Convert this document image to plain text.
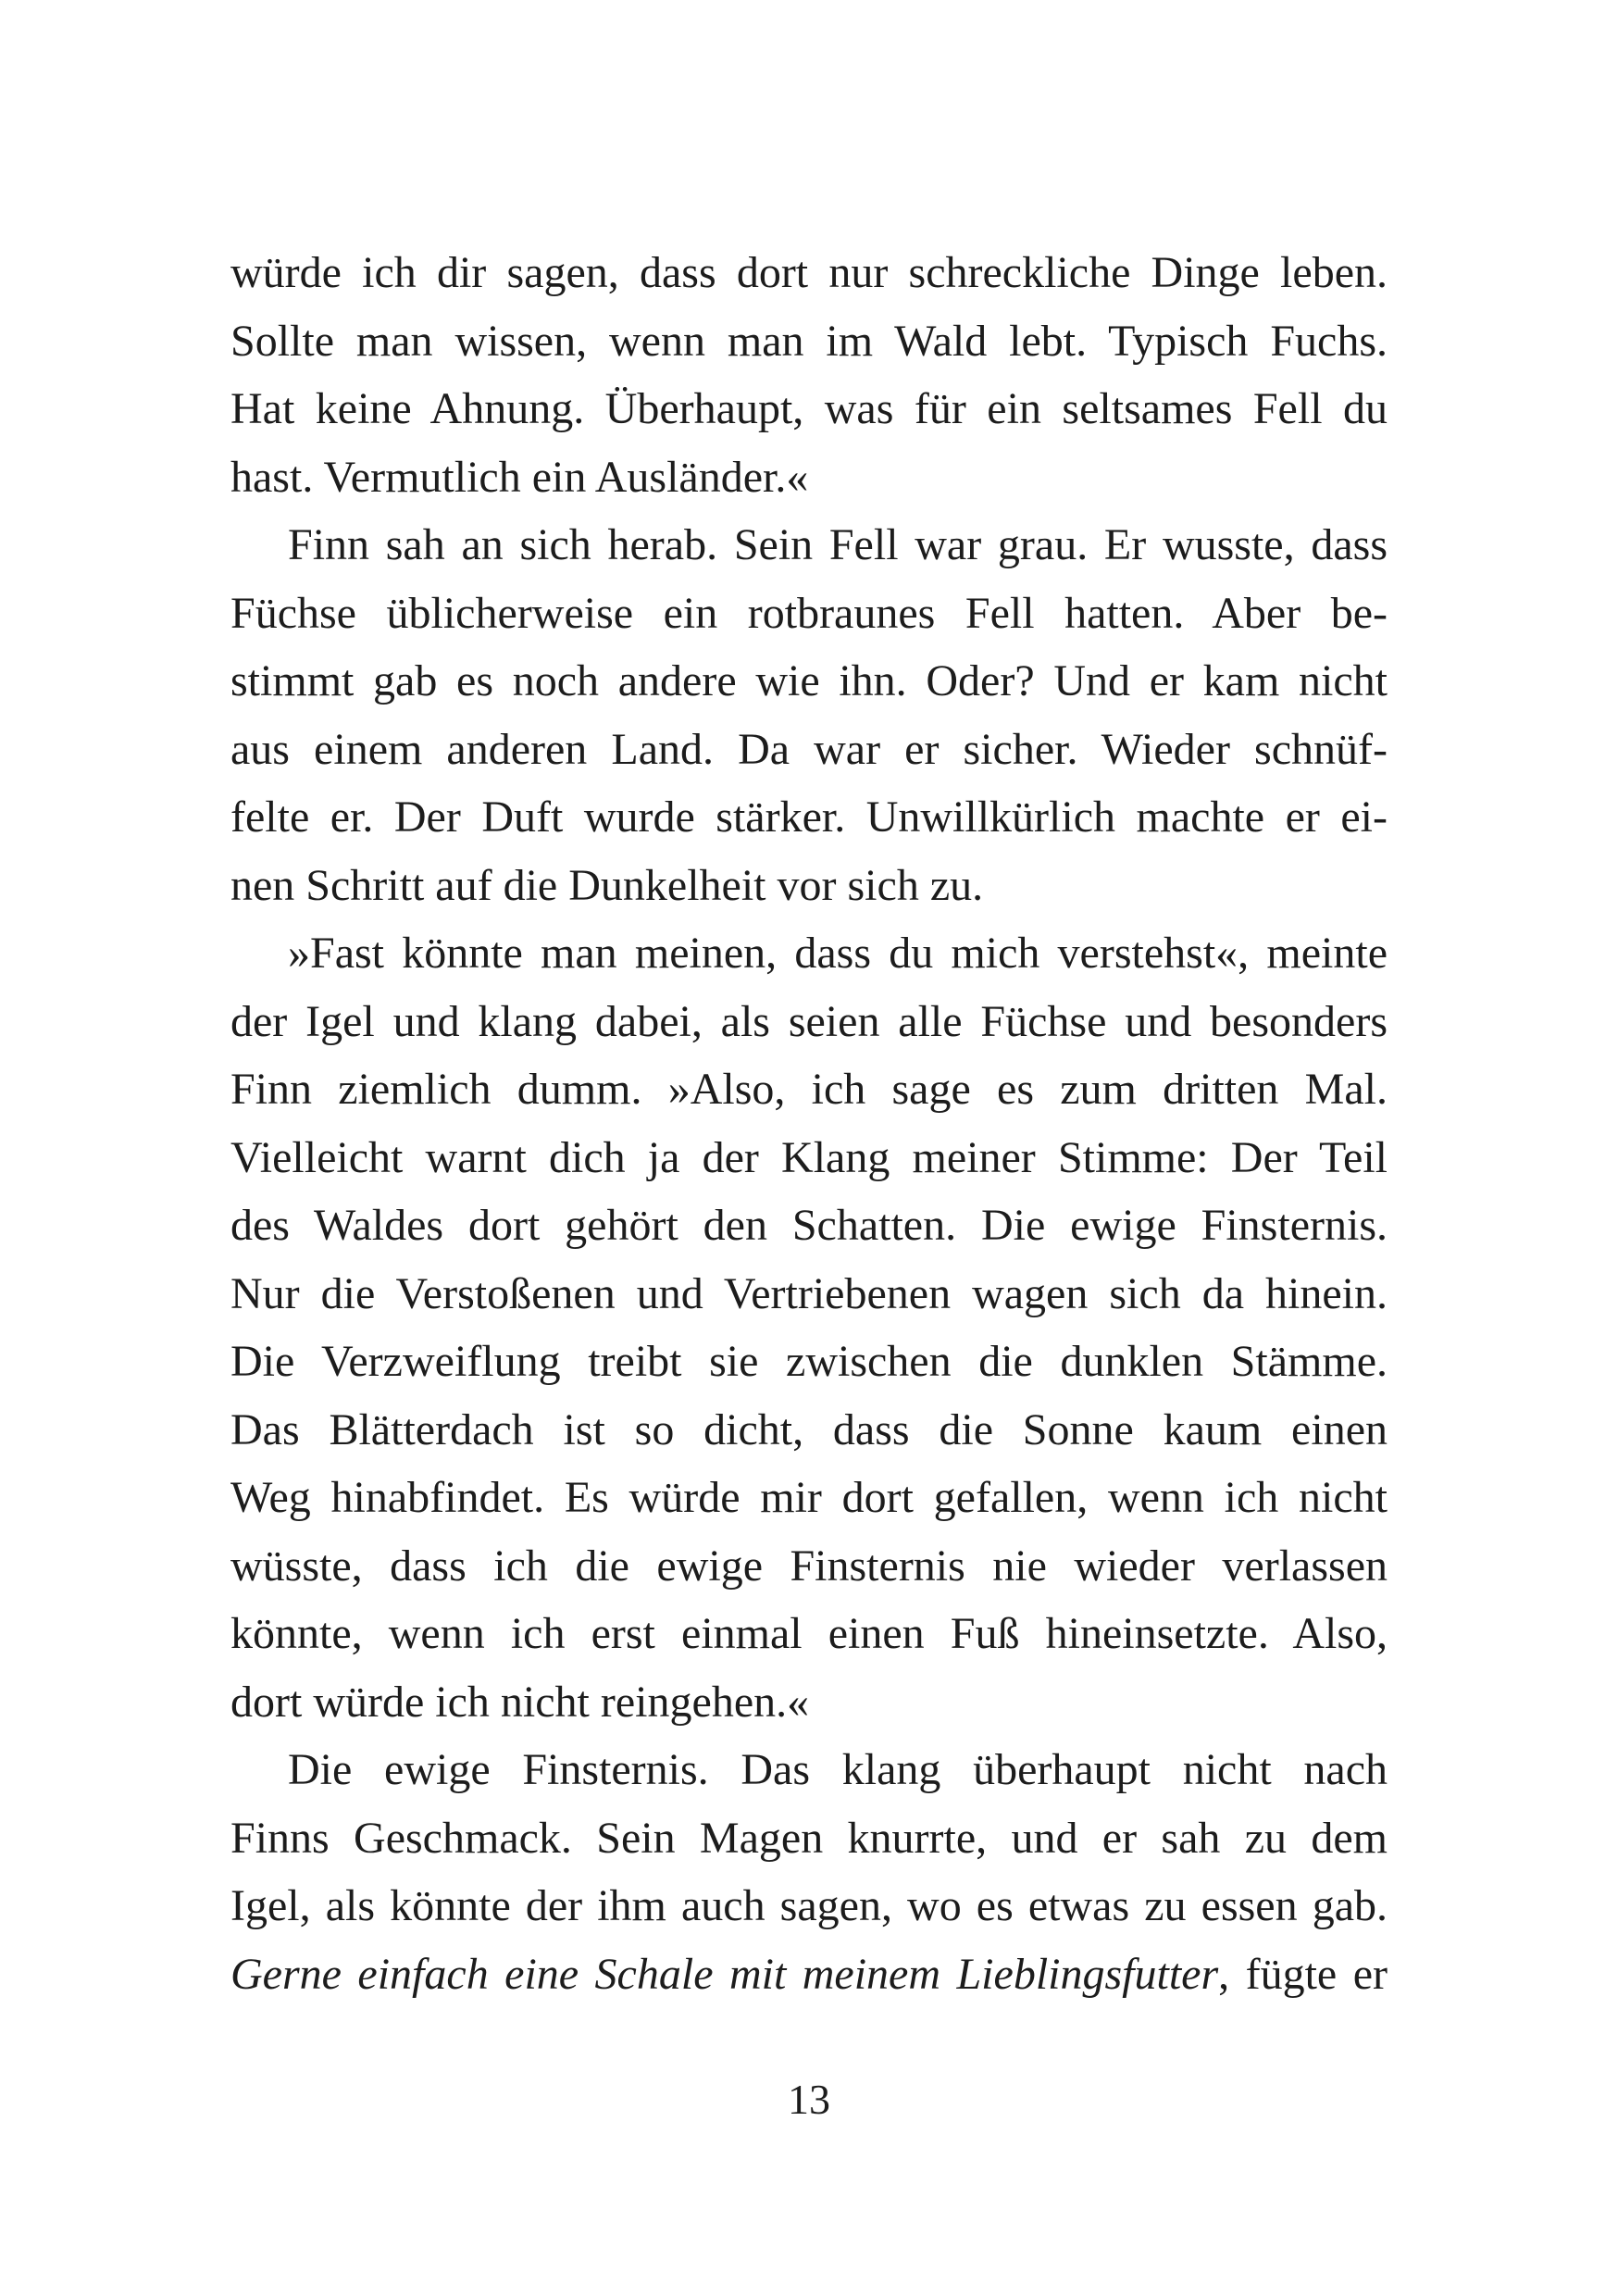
würde ich dir sagen, dass dort nur schreckliche Dinge leben.
Sollte man wissen, wenn man im Wald lebt. Typisch Fuchs.
Hat keine Ahnung. Überhaupt, was für ein seltsames Fell du
hast. Vermutlich ein Ausländer.«
Finn sah an sich herab. Sein Fell war grau. Er wusste, dass
Füchse üblicherweise ein rotbraunes Fell hatten. Aber be-
stimmt gab es noch andere wie ihn. Oder? Und er kam nicht
aus einem anderen Land. Da war er sicher. Wieder schnüf-
felte er. Der Duft wurde stärker. Unwillkürlich machte er ei-
nen Schritt auf die Dunkelheit vor sich zu.
»Fast könnte man meinen, dass du mich verstehst«, meinte
der Igel und klang dabei, als seien alle Füchse und besonders
Finn ziemlich dumm. »Also, ich sage es zum dritten Mal.
Vielleicht warnt dich ja der Klang meiner Stimme: Der Teil
des Waldes dort gehört den Schatten. Die ewige Finsternis.
Nur die Verstoßenen und Vertriebenen wagen sich da hinein.
Die Verzweiflung treibt sie zwischen die dunklen Stämme.
Das Blätterdach ist so dicht, dass die Sonne kaum einen
Weg hinabfindet. Es würde mir dort gefallen, wenn ich nicht
wüsste, dass ich die ewige Finsternis nie wieder verlassen
könnte, wenn ich erst einmal einen Fuß hineinsetzte. Also,
dort würde ich nicht reingehen.«
Die ewige Finsternis. Das klang überhaupt nicht nach
Finns Geschmack. Sein Magen knurrte, und er sah zu dem
Igel, als könnte der ihm auch sagen, wo es etwas zu essen gab.
Gerne einfach eine Schale mit meinem Lieblingsfutter, fügte er
13
